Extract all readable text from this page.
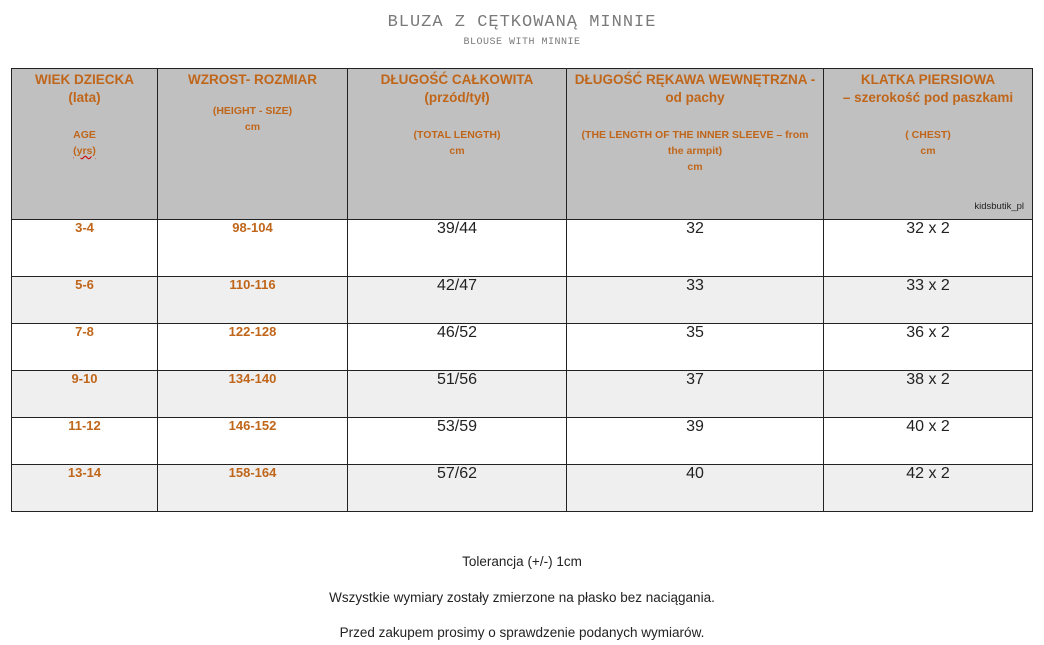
BLUZA Z CĘTKOWANĄ MINNIE
BLOUSE WITH MINNIE
WIEK DZIECKA
(lata)
AGE
(yrs)	WZROST- ROZMIAR
(HEIGHT - SIZE)
cm	DŁUGOŚĆ CAŁKOWITA
(przód/tył)
(TOTAL LENGTH)
cm	DŁUGOŚĆ RĘKAWA WEWNĘTRZNA -
od pachy
(THE LENGTH OF THE INNER SLEEVE – from
the armpit)
cm	KLATKA PIERSIOWA
– szerokość pod paszkami
( CHEST)
cm
kidsbutik_pl

3-4	98-104	39/44	32	32 x 2
5-6	110-116	42/47	33	33 x 2
7-8	122-128	46/52	35	36 x 2
9-10	134-140	51/56	37	38 x 2
11-12	146-152	53/59	39	40 x 2
13-14	158-164	57/62	40	42 x 2
Tolerancja (+/-) 1cm
Wszystkie wymiary zostały zmierzone na płasko bez naciągania.
Przed zakupem prosimy o sprawdzenie podanych wymiarów.
